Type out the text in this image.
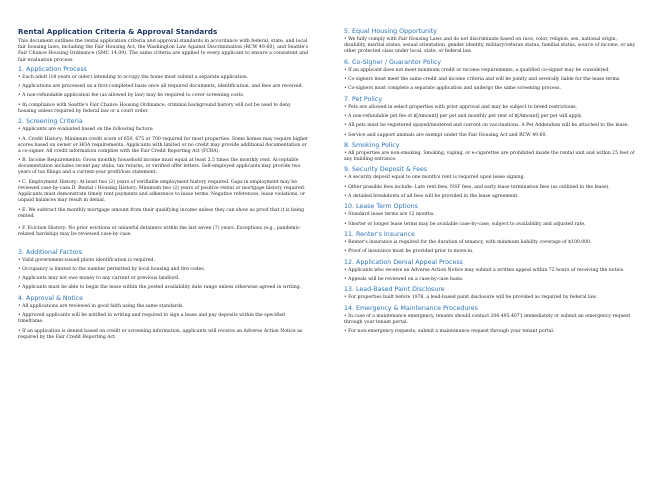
Rental Application Criteria & Approval Standards
This document outlines the rental application criteria and approval standards in accordance with federal, state, and local fair housing laws, including the Fair Housing Act, the Washington Law Against Discrimination (RCW 49.60), and Seattle's Fair Chance Housing Ordinance (SMC 14.09). The same criteria are applied to every applicant to ensure a consistent and fair evaluation process.
1. Application Process
• Each adult (18 years or older) intending to occupy the home must submit a separate application.
• Applications are processed on a first-completed basis once all required documents, identification, and fees are received.
• A non-refundable application fee (as allowed by law) may be required to cover screening costs.
• In compliance with Seattle's Fair Chance Housing Ordinance, criminal background history will not be used to deny housing unless required by federal law or a court order.
2. Screening Criteria
• Applicants are evaluated based on the following factors:
• A. Credit History: Minimum credit score of 650, 675 or 700 required for most properties. Some homes may require higher scores based on owner or HOA requirements. Applicants with limited or no credit may provide additional documentation or a co-signer. All credit information complies with the Fair Credit Reporting Act (FCRA).
• B. Income Requirements: Gross monthly household income must equal at least 2.5 times the monthly rent. Acceptable documentation includes recent pay stubs, tax returns, or verified offer letters. Self-employed applicants may provide two years of tax filings and a current-year profit/loss statement.
• C. Employment History: At least two (2) years of verifiable employment history required. Gaps in employment may be reviewed case-by-case.D. Rental / Housing History: Minimum two (2) years of positive rental or mortgage history required. Applicants must demonstrate timely rent payments and adherence to lease terms. Negative references, lease violations, or unpaid balances may result in denial.
• E. We subtract the monthly mortgage amount from their qualifying income unless they can show us proof that it is being rented.
• F. Eviction History: No prior evictions or unlawful detainers within the last seven (7) years. Exceptions (e.g., pandemic-related hardship) may be reviewed case-by-case.
3. Additional Factors
• Valid government-issued photo identification is required.
• Occupancy is limited to the number permitted by local housing and fire codes.
• Applicants may not owe money to any current or previous landlord.
• Applicants must be able to begin the lease within the posted availability date range unless otherwise agreed in writing.
4. Approval & Notice
• All applications are reviewed in good faith using the same standards.
• Approved applicants will be notified in writing and required to sign a lease and pay deposits within the specified timeframe.
• If an application is denied based on credit or screening information, applicants will receive an Adverse Action Notice as required by the Fair Credit Reporting Act.
5. Equal Housing Opportunity
• We fully comply with Fair Housing Laws and do not discriminate based on race, color, religion, sex, national origin, disability, marital status, sexual orientation, gender identity, military/veteran status, familial status, source of income, or any other protected class under local, state, or federal law.
6. Co-Signer / Guarantor Policy
• If an applicant does not meet minimum credit or income requirements, a qualified co-signer may be considered.
• Co-signers must meet the same credit and income criteria and will be jointly and severally liable for the lease terms.
• Co-signers must complete a separate application and undergo the same screening process.
7. Pet Policy
• Pets are allowed in select properties with prior approval and may be subject to breed restrictions.
• A non-refundable pet fee of $[Amount] per pet and monthly pet rent of $[Amount] per pet will apply.
• All pets must be registered spayed/neutered and current on vaccinations. A Pet Addendum will be attached to the lease.
• Service and support animals are exempt under the Fair Housing Act and RCW 49.60.
8. Smoking Policy
• All properties are non-smoking. Smoking, vaping, or e-cigarettes are prohibited inside the rental unit and within 25 feet of any building entrance.
9. Security Deposit & Fees
• A security deposit equal to one month's rent is required upon lease signing.
• Other possible fees include: Late rent fees, NSF fees, and early lease termination fees (as outlined in the lease).
• A detailed breakdown of all fees will be provided in the lease agreement.
10. Lease Term Options
• Standard lease terms are 12 months.
• Shorter or longer lease terms may be available case-by-case, subject to availability and adjusted rate.
11. Renter's Insurance
• Renter's insurance is required for the duration of tenancy, with minimum liability coverage of $100,000.
• Proof of insurance must be provided prior to move-in.
12. Application Denial Appeal Process
• Applicants who receive an Adverse Action Notice may submit a written appeal within 72 hours of receiving the notice.
• Appeals will be reviewed on a case-by-case basis.
13. Lead-Based Paint Disclosure
• For properties built before 1978, a lead-based paint disclosure will be provided as required by federal law.
14. Emergency & Maintenance Procedures
• In case of a maintenance emergency, tenants should contact 206.495.4071 immediately or submit an emergency request through your tenant portal.
• For non-emergency requests, submit a maintenance request through your tenant portal.
